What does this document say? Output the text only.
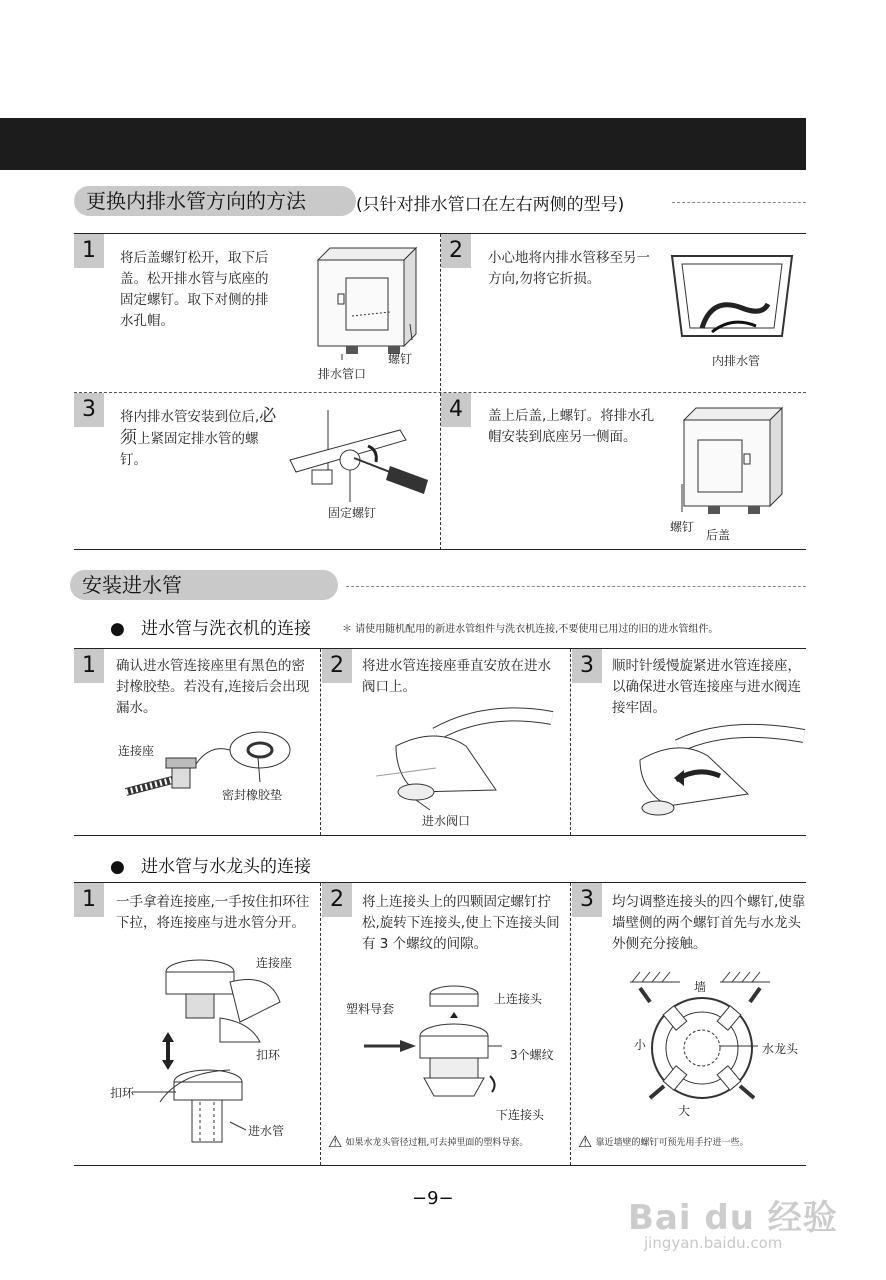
更换内排水管方向的方法	(只针对排水管口在左右两侧的型号)
1	将后盖螺钉松开，取下后盖。松开排水管与底座的固定螺钉。取下对侧的排水孔帽。
螺钉
排水管口
2	小心地将内排水管移至另一方向,勿将它折损。
内排水管
3	将内排水管安装到位后,必须上紧固定排水管的螺钉。
固定螺钉
4	盖上后盖,上螺钉。将排水孔帽安装到底座另一侧面。
螺钉
后盖
安装进水管
●   进水管与洗衣机的连接	＊ 请使用随机配用的新进水管组件与洗衣机连接,不要使用已用过的旧的进水管组件。
1	确认进水管连接座里有黑色的密封橡胶垫。若没有,连接后会出现漏水。
连接座
密封橡胶垫
2	将进水管连接座垂直安放在进水阀口上。
进水阀口
3	顺时针缓慢旋紧进水管连接座，以确保进水管连接座与进水阀连接牢固。
●   进水管与水龙头的连接
1	一手拿着连接座,一手按住扣环往下拉，将连接座与进水管分开。
连接座
扣环
扣环
进水管
2	将上连接头上的四颗固定螺钉拧松,旋转下连接头,使上下连接头间有 3 个螺纹的间隙。
塑料导套
上连接头
3个螺纹
下连接头
⚠ 如果水龙头管径过粗,可去掉里面的塑料导套。
3	均匀调整连接头的四个螺钉,使靠墙壁侧的两个螺钉首先与水龙头外侧充分接触。
墙
小	水龙头
大
⚠ 靠近墙壁的螺钉可预先用手拧进一些。
−9−	Bai du 经验
jingyan.baidu.com
